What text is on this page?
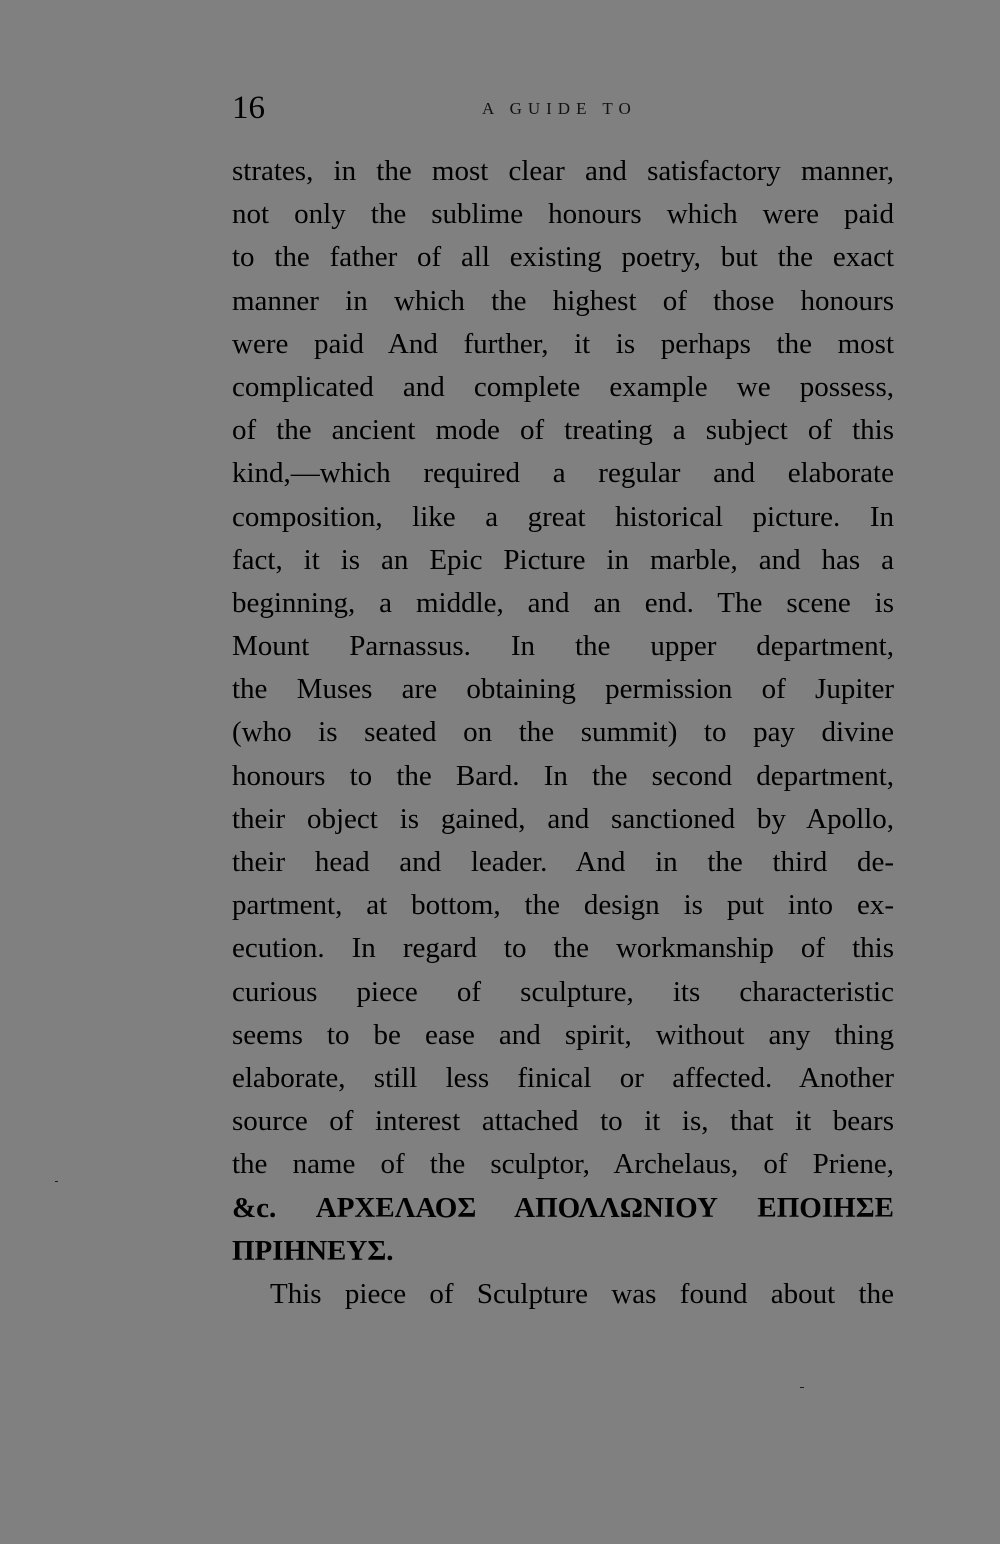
16	A GUIDE TO
strates, in the most clear and satisfactory manner,
not only the sublime honours which were paid
to the father of all existing poetry, but the exact
manner in which the highest of those honours
were paid And further, it is perhaps the most
complicated and complete example we possess,
of the ancient mode of treating a subject of this
kind,—which required a regular and elaborate
composition, like a great historical picture. In
fact, it is an Epic Picture in marble, and has a
beginning, a middle, and an end. The scene is
Mount Parnassus. In the upper department,
the Muses are obtaining permission of Jupiter
(who is seated on the summit) to pay divine
honours to the Bard. In the second department,
their object is gained, and sanctioned by Apollo,
their head and leader. And in the third de-
partment, at bottom, the design is put into ex-
ecution. In regard to the workmanship of this
curious piece of sculpture, its characteristic
seems to be ease and spirit, without any thing
elaborate, still less finical or affected. Another
source of interest attached to it is, that it bears
the name of the sculptor, Archelaus, of Priene,
&c. ΑΡΧΕΛΑΟΣ ΑΠΟΛΛΩΝΙΟΥ ΕΠΟΙΗΣΕ
ΠΡΙΗΝΕΥΣ.
This piece of Sculpture was found about the
